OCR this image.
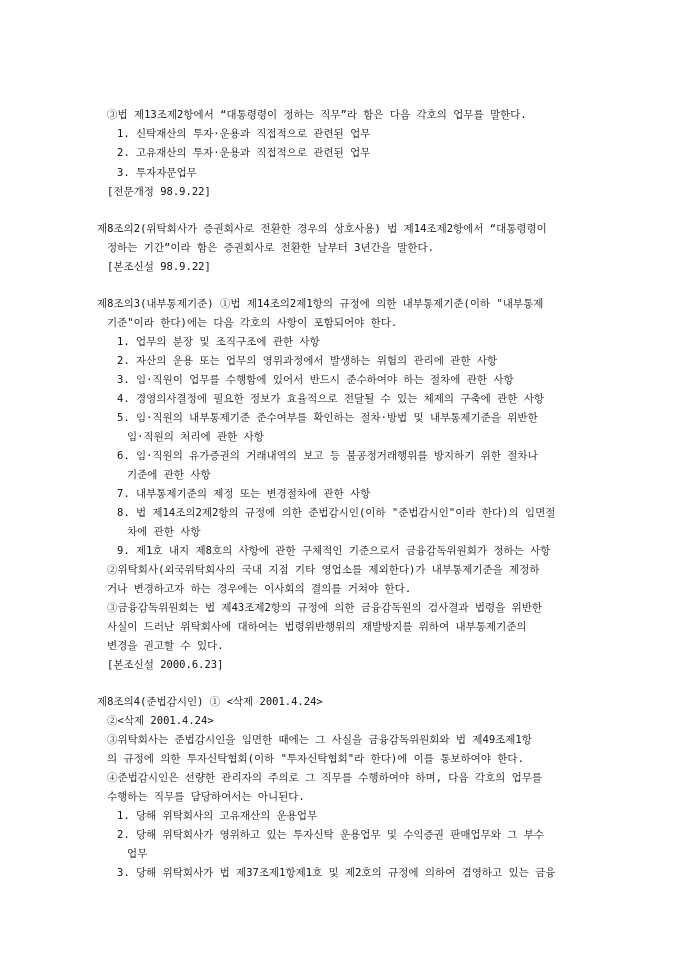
③법 제13조제2항에서 “대통령령이 정하는 직무”라 함은 다음 각호의 업무를 말한다.
1. 신탁재산의 투자·운용과 직접적으로 관련된 업무
2. 고유재산의 투자·운용과 직접적으로 관련된 업무
3. 투자자문업무
[전문개정 98.9.22]
제8조의2(위탁회사가 증권회사로 전환한 경우의 상호사용) 법 제14조제2항에서 “대통령령이
정하는 기간”이라 함은 증권회사로 전환한 날부터 3년간을 말한다.
[본조신설 98.9.22]
제8조의3(내부통제기준) ①법 제14조의2제1항의 규정에 의한 내부통제기준(이하 "내부통제
기준"이라 한다)에는 다음 각호의 사항이 포함되어야 한다.
1. 업무의 분장 및 조직구조에 관한 사항
2. 자산의 운용 또는 업무의 영위과정에서 발생하는 위험의 관리에 관한 사항
3. 임·직원이 업무를 수행함에 있어서 반드시 준수하여야 하는 절차에 관한 사항
4. 경영의사결정에 필요한 정보가 효율적으로 전달될 수 있는 체제의 구축에 관한 사항
5. 임·직원의 내부통제기준 준수여부를 확인하는 절차·방법 및 내부통제기준을 위반한
임·직원의 처리에 관한 사항
6. 임·직원의 유가증권의 거래내역의 보고 등 불공정거래행위를 방지하기 위한 절차나
기준에 관한 사항
7. 내부통제기준의 제정 또는 변경절차에 관한 사항
8. 법 제14조의2제2항의 규정에 의한 준법감시인(이하 "준법감시인"이라 한다)의 임면절
차에 관한 사항
9. 제1호 내지 제8호의 사항에 관한 구체적인 기준으로서 금융감독위원회가 정하는 사항
②위탁회사(외국위탁회사의 국내 지점 기타 영업소를 제외한다)가 내부통제기준을 제정하
거나 변경하고자 하는 경우에는 이사회의 결의를 거쳐야 한다.
③금융감독위원회는 법 제43조제2항의 규정에 의한 금융감독원의 검사결과 법령을 위반한
사실이 드러난 위탁회사에 대하여는 법령위반행위의 재발방지를 위하여 내부통제기준의
변경을 권고할 수 있다.
[본조신설 2000.6.23]
제8조의4(준법감시인) ① <삭제 2001.4.24>
②<삭제 2001.4.24>
③위탁회사는 준법감시인을 임면한 때에는 그 사실을 금융감독위원회와 법 제49조제1항
의 규정에 의한 투자신탁협회(이하 "투자신탁협회"라 한다)에 이를 통보하여야 한다.
④준법감시인은 선량한 관리자의 주의로 그 직무를 수행하여야 하며, 다음 각호의 업무를
수행하는 직무를 담당하여서는 아니된다.
1. 당해 위탁회사의 고유재산의 운용업무
2. 당해 위탁회사가 영위하고 있는 투자신탁 운용업무 및 수익증권 판매업무와 그 부수
업무
3. 당해 위탁회사가 법 제37조제1항제1호 및 제2호의 규정에 의하여 겸영하고 있는 금융
